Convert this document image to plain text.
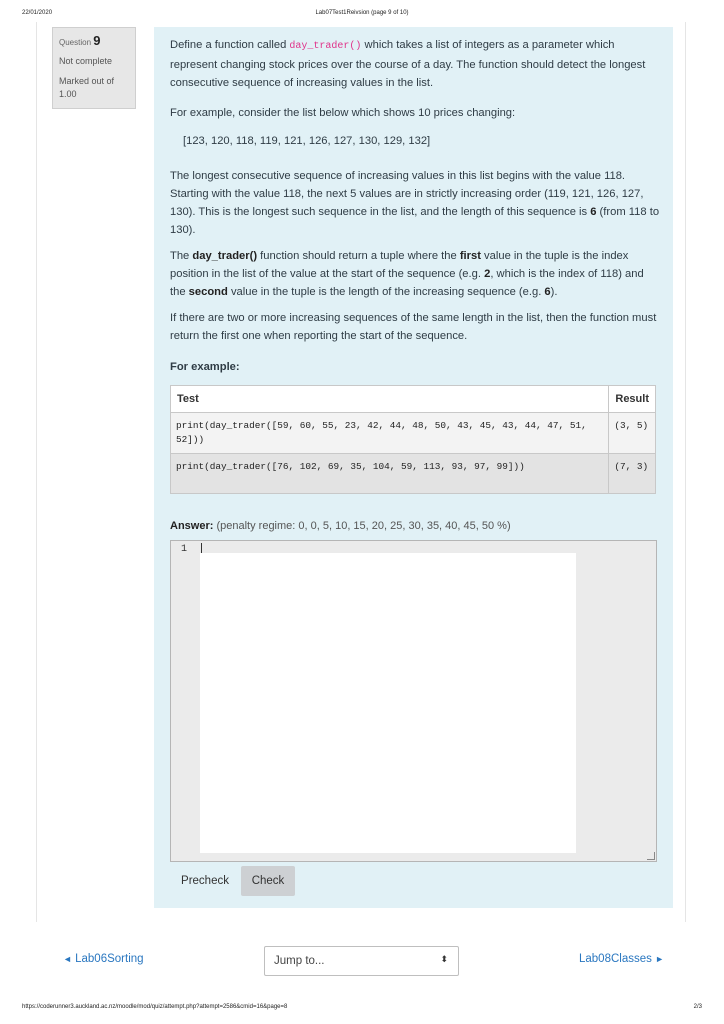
22/01/2020	Lab07Test1Reivsion (page 9 of 10)
Question 9
Not complete
Marked out of 1.00

Define a function called day_trader() which takes a list of integers as a parameter which represent changing stock prices over the course of a day. The function should detect the longest consecutive sequence of increasing values in the list.

For example, consider the list below which shows 10 prices changing:

[123, 120, 118, 119, 121, 126, 127, 130, 129, 132]

The longest consecutive sequence of increasing values in this list begins with the value 118. Starting with the value 118, the next 5 values are in strictly increasing order (119, 121, 126, 127, 130). This is the longest such sequence in the list, and the length of this sequence is 6 (from 118 to 130).

The day_trader() function should return a tuple where the first value in the tuple is the index position in the list of the value at the start of the sequence (e.g. 2, which is the index of 118) and the second value in the tuple is the length of the increasing sequence (e.g. 6).

If there are two or more increasing sequences of the same length in the list, then the function must return the first one when reporting the start of the sequence.

For example:
Test	Result
print(day_trader([59, 60, 55, 23, 42, 44, 48, 50, 43, 45, 43, 44, 47, 51, 52]))	(3, 5)
print(day_trader([76, 102, 69, 35, 104, 59, 113, 93, 97, 99]))	(7, 3)
Answer: (penalty regime: 0, 0, 5, 10, 15, 20, 25, 30, 35, 40, 45, 50 %)
1
Precheck	Check
◄ Lab06Sorting	Jump to...	⬍	Lab08Classes ►
https://coderunner3.auckland.ac.nz/moodle/mod/quiz/attempt.php?attempt=2586&cmid=16&page=8	2/3
